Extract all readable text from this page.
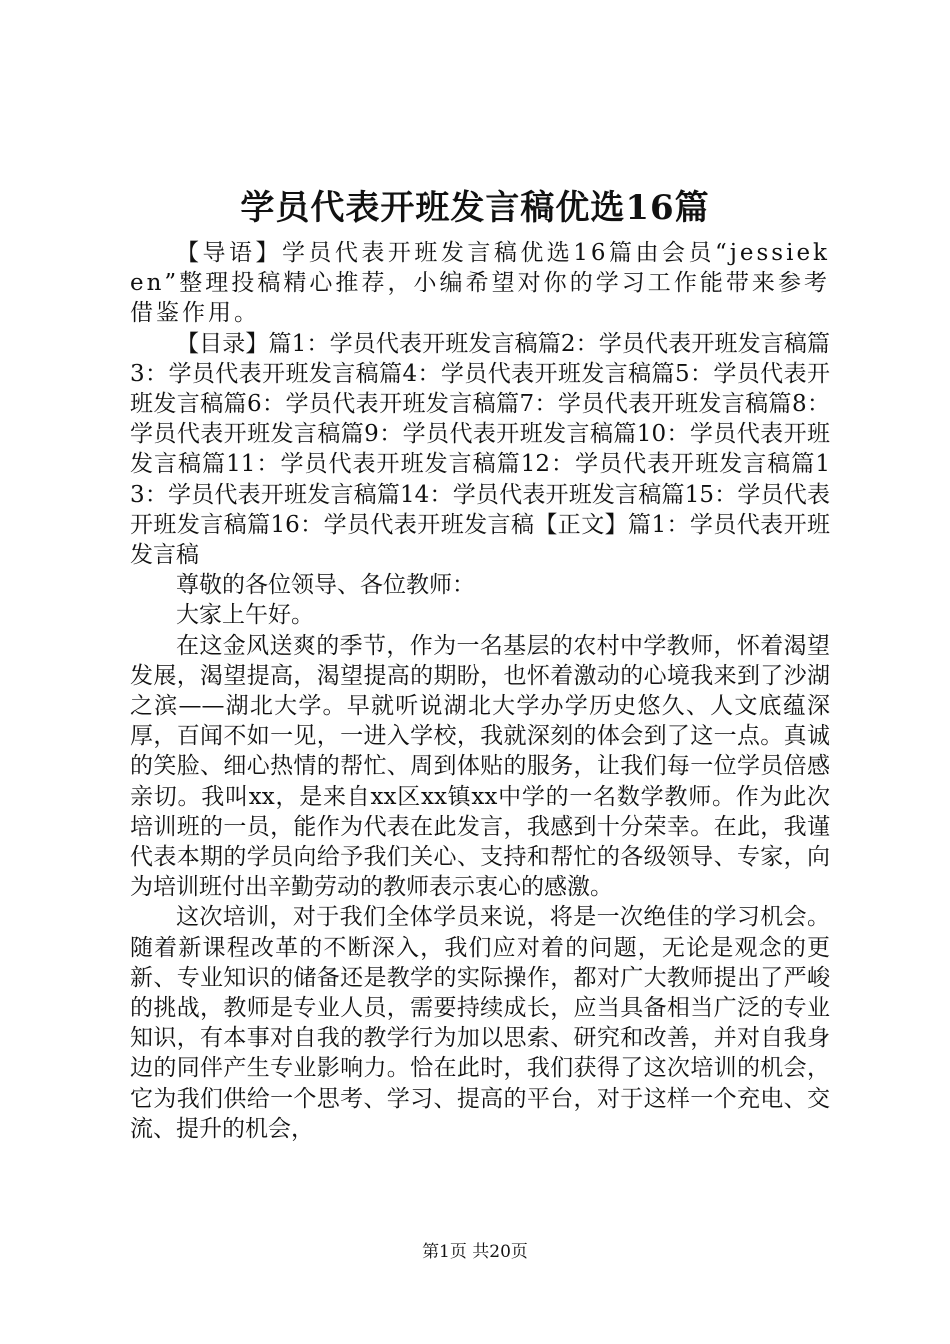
学员代表开班发言稿优选16篇

【导语】学员代表开班发言稿优选16篇由会员“jessieken”整理投稿精心推荐，小编希望对你的学习工作能带来参考借鉴作用。

【目录】篇1：学员代表开班发言稿篇2：学员代表开班发言稿篇3：学员代表开班发言稿篇4：学员代表开班发言稿篇5：学员代表开班发言稿篇6：学员代表开班发言稿篇7：学员代表开班发言稿篇8：学员代表开班发言稿篇9：学员代表开班发言稿篇10：学员代表开班发言稿篇11：学员代表开班发言稿篇12：学员代表开班发言稿篇13：学员代表开班发言稿篇14：学员代表开班发言稿篇15：学员代表开班发言稿篇16：学员代表开班发言稿【正文】篇1：学员代表开班发言稿

尊敬的各位领导、各位教师：

大家上午好。

在这金风送爽的季节，作为一名基层的农村中学教师，怀着渴望发展，渴望提高，渴望提高的期盼，也怀着激动的心境我来到了沙湖之滨——湖北大学。早就听说湖北大学办学历史悠久、人文底蕴深厚，百闻不如一见，一进入学校，我就深刻的体会到了这一点。真诚的笑脸、细心热情的帮忙、周到体贴的服务，让我们每一位学员倍感亲切。我叫xx，是来自xx区xx镇xx中学的一名数学教师。作为此次培训班的一员，能作为代表在此发言，我感到十分荣幸。在此，我谨代表本期的学员向给予我们关心、支持和帮忙的各级领导、专家，向为培训班付出辛勤劳动的教师表示衷心的感激。

这次培训，对于我们全体学员来说，将是一次绝佳的学习机会。随着新课程改革的不断深入，我们应对着的问题，无论是观念的更新、专业知识的储备还是教学的实际操作，都对广大教师提出了严峻的挑战，教师是专业人员，需要持续成长，应当具备相当广泛的专业知识，有本事对自我的教学行为加以思索、研究和改善，并对自我身边的同伴产生专业影响力。恰在此时，我们获得了这次培训的机会，它为我们供给一个思考、学习、提高的平台，对于这样一个充电、交流、提升的机会，

第1页 共20页
